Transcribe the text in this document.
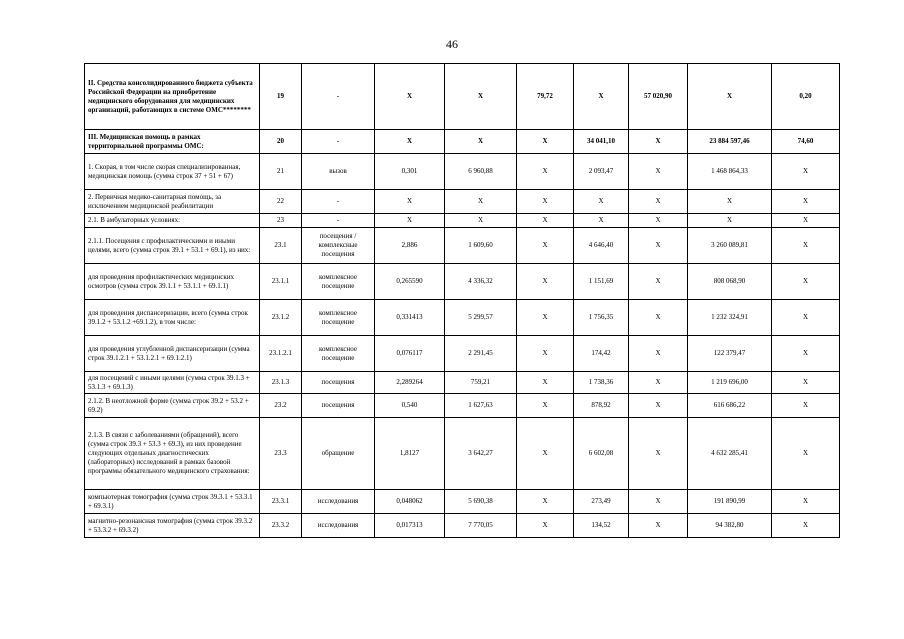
46
II. Средства консолидированного бюджета субъекта Российской Федерации на приобретение медицинского оборудования для медицинских организаций, работающих в системе ОМС********	19	-	X	X	79,72	X	57 020,90	X	0,20
III. Медицинская помощь в рамках территориальной программы ОМС:	20	-	X	X	X	34 041,10	X	23 884 597,46	74,60
1. Скорая, в том числе скорая специализированная, медицинская помощь (сумма строк 37 + 51 + 67)	21	вызов	0,301	6 960,88	X	2 093,47	X	1 468 864,33	X
2. Первичная медико-санитарная помощь, за исключением медицинской реабилитации	22	-	X	X	X	X	X	X	X
2.1. В амбулаторных условиях:	23	-	X	X	X	X	X	X	X
2.1.1. Посещения с профилактическими и иными целями, всего (сумма строк 39.1 + 53.1 + 69.1), из них:	23.1	посещения / комплексные посещения	2,886	1 609,60	X	4 646,40	X	3 260 089,81	X
для проведения профилактических медицинских осмотров (сумма строк 39.1.1 + 53.1.1 + 69.1.1)	23.1.1	комплексное посещение	0,265590	4 336,32	X	1 151,69	X	808 068,90	X
для проведения диспансеризации, всего (сумма строк 39.1.2 + 53.1.2 +69.1.2), в том числе:	23.1.2	комплексное посещение	0,331413	5 299,57	X	1 756,35	X	1 232 324,91	X
для проведения углубленной диспансеризации (сумма строк 39.1.2.1 + 53.1.2.1 + 69.1.2.1)	23.1.2.1	комплексное посещение	0,076117	2 291,45	X	174,42	X	122 379,47	X
для посещений с иными целями (сумма строк 39.1.3 + 53.1.3 + 69.1.3)	23.1.3	посещения	2,289264	759,21	X	1 738,36	X	1 219 696,00	X
2.1.2. В неотложной форме (сумма строк 39.2 + 53.2 + 69.2)	23.2	посещения	0,540	1 627,63	X	878,92	X	616 686,22	X
2.1.3. В связи с заболеваниями (обращений), всего (сумма строк 39.3 + 53.3 + 69.3), из них проведение следующих отдельных диагностических (лабораторных) исследований в рамках базовой программы обязательного медицинского страхования:	23.3	обращение	1,8127	3 642,27	X	6 602,08	X	4 632 285,41	X
компьютерная томография (сумма строк 39.3.1 + 53.3.1 + 69.3.1)	23.3.1	исследования	0,048062	5 690,38	X	273,49	X	191 890,99	X
магнитно-резонансная томография (сумма строк 39.3.2 + 53.3.2 + 69.3.2)	23.3.2	исследования	0,017313	7 770,05	X	134,52	X	94 382,80	X
